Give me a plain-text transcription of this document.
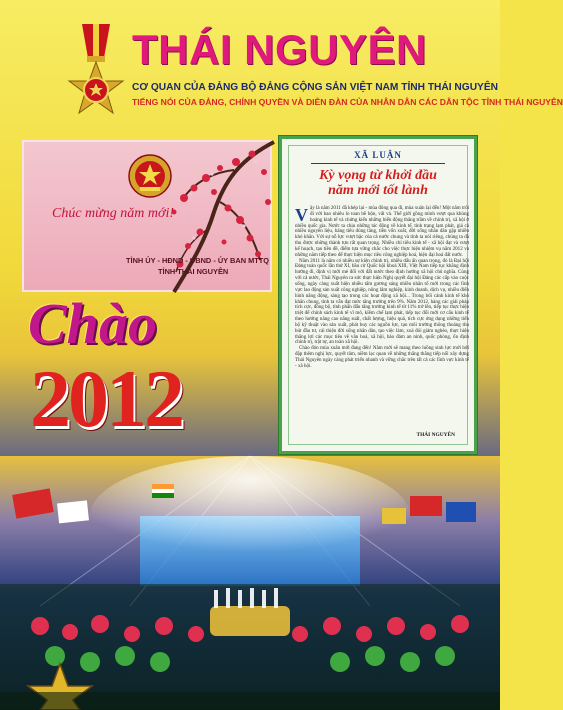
THÁI NGUYÊN
CƠ QUAN CỦA ĐẢNG BỘ ĐẢNG CỘNG SẢN VIỆT NAM TỈNH THÁI NGUYÊN
TIẾNG NÓI CỦA ĐẢNG, CHÍNH QUYỀN VÀ DIỄN ĐÀN CỦA NHÂN DÂN CÁC DÂN TỘC TỈNH THÁI NGUYÊN
Chúc mừng năm mới!
TỈNH ỦY - HĐND - UBND - ỦY BAN MTTQ
TỈNH THÁI NGUYÊN
Chào
2012
XÃ LUẬN
Kỳ vọng từ khởi đầu
năm mới tốt lành

Vậy là năm 2011 đã khép lại - mùa đông qua đi, mùa xuân lại đến! Một năm trôi đi với bao nhiêu lo toan bề bộn, vất vả. Thế giới gồng mình vượt qua khủng hoảng kinh tế và chứng kiến những biến động thăng trầm về chính trị, xã hội ở nhiều quốc gia. Nước ta chịu những tác động về kinh tế, tình trạng lạm phát, giá cả nhiều nguyên liệu, hàng tiêu dùng tăng, tiền vốn xoắt, đời sống nhân dân gặp nhiều khó khăn. Với sự nỗ lực vượt bậc của cả nước chung và tỉnh ta nói riêng, chúng ta đã thu được những thành tựu rất quan trọng. Nhiều chỉ tiêu kinh tế - xã hội đạt và vượt kế hoạch, tạo tiền đề, điểm tựa vững chắc cho việc thực hiện nhiệm vụ năm 2012 và những năm tiếp theo để thực hiện mục tiêu công nghiệp hoá, hiện đại hoá đất nước.

Năm 2011 là năm có nhiều sự kiện chính trị, nhiều dấu ấn quan trọng, đó là Đại hội Đảng toàn quốc lần thứ XI, bầu cử Quốc hội khoá XIII, Việt Nam tiếp tục khẳng định hướng đi, định vị mới mẻ đối với đất nước theo định hướng xã hội chủ nghĩa. Cùng với cả nước, Thái Nguyên ra sức thực hiện Nghị quyết đại hội Đảng các cấp vào cuộc sống, ngày càng xuất hiện nhiều tấm gương sáng nhiều nhân tố mới trong các lĩnh vực lao động sản xuất công nghiệp, nông lâm nghiệp, kinh doanh, dịch vụ, nhiều điển hình năng động, sáng tạo trong các hoạt động xã hội... Trong bối cảnh kinh tế khó khăn chung, tỉnh ta vẫn đạt mức tăng trưởng trên 9%. Năm 2012, hàng các giải pháp tích cực, đồng bộ, tỉnh phấn đấu tăng trưởng kinh tế từ 11% trở lên, tiếp tục thực hiện triệt để chính sách kinh tế vĩ mô, kiềm chế lạm phát, tiếp tục đổi mới cơ cấu kinh tế theo hướng nâng cao năng suất, chất lượng, hiệu quả, tích cực ứng dụng những tiến bộ kỹ thuật vào sản xuất, phát huy các nguồn lực, tạo môi trường thông thoáng thu hút đầu tư, cải thiện đời sống nhân dân, tạo việc làm, xoá đói giảm nghèo, thực hiện thắng lợi các mục tiêu về văn hoá, xã hội, bảo đảm an ninh, quốc phòng, ổn định chính trị, trật tự, an toàn xã hội.

Chào đón mùa xuân mới đang đến! Năm mới sẽ mang theo luồng sinh lực mới bởi đặp thêm nghị lực, quyết tâm, niềm lạc quan về những thắng thắng tiếp nối xây dựng Thái Nguyên ngày càng phát triển nhanh và vững chắc trên tất cả các lĩnh vực kinh tế - xã hội.

THÁI NGUYÊN
